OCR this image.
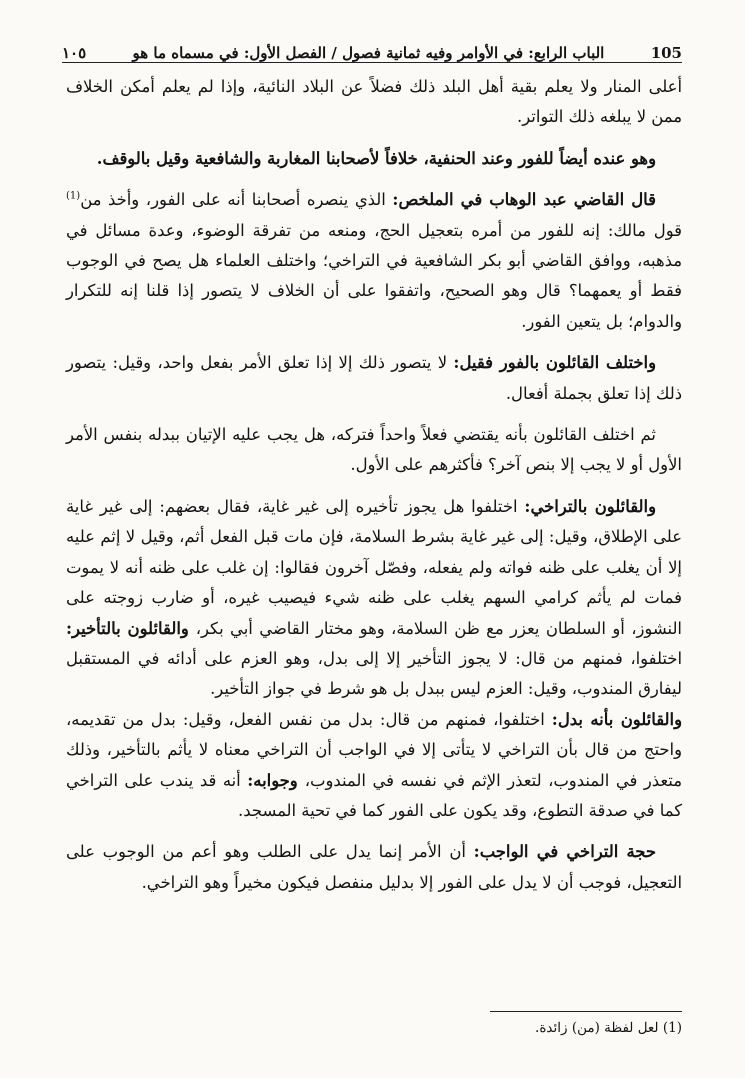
105
الباب الرابع: في الأوامر وفيه ثمانية فصول / الفصل الأول: في مسماه ما هو
١٠٥

أعلى المنار ولا يعلم بقية أهل البلد ذلك فضلاً عن البلاد النائية، وإذا لم يعلم أمكن الخلاف ممن لا يبلغه ذلك التواتر.

وهو عنده أيضاً للفور وعند الحنفية، خلافاً لأصحابنا المغاربة والشافعية وقيل بالوقف.

قال القاضي عبد الوهاب في الملخص: الذي ينصره أصحابنا أنه على الفور، وأخذ من$^{(1)}$ قول مالك: إنه للفور من أمره بتعجيل الحج، ومنعه من تفرقة الوضوء، وعدة مسائل في مذهبه، ووافق القاضي أبو بكر الشافعية في التراخي؛ واختلف العلماء هل يصح في الوجوب فقط أو يعمهما؟ قال وهو الصحيح، واتفقوا على أن الخلاف لا يتصور إذا قلنا إنه للتكرار والدوام؛ بل يتعين الفور.

واختلف القائلون بالفور فقيل: لا يتصور ذلك إلا إذا تعلق الأمر بفعل واحد، وقيل: يتصور ذلك إذا تعلق بجملة أفعال.

ثم اختلف القائلون بأنه يقتضي فعلاً واحداً فتركه، هل يجب عليه الإتيان ببدله بنفس الأمر الأول أو لا يجب إلا بنص آخر؟ فأكثرهم على الأول.

والقائلون بالتراخي: اختلفوا هل يجوز تأخيره إلى غير غاية، فقال بعضهم: إلى غير غاية على الإطلاق، وقيل: إلى غير غاية بشرط السلامة، فإن مات قبل الفعل أثم، وقيل لا إثم عليه إلا أن يغلب على ظنه فواته ولم يفعله، وفصّل آخرون فقالوا: إن غلب على ظنه أنه لا يموت فمات لم يأثم كرامي السهم يغلب على ظنه شيء فيصيب غيره، أو ضارب زوجته على النشوز، أو السلطان يعزر مع ظن السلامة، وهو مختار القاضي أبي بكر، والقائلون بالتأخير: اختلفوا، فمنهم من قال: لا يجوز التأخير إلا إلى بدل، وهو العزم على أدائه في المستقبل ليفارق المندوب، وقيل: العزم ليس ببدل بل هو شرط في جواز التأخير.
والقائلون بأنه بدل: اختلفوا، فمنهم من قال: بدل من نفس الفعل، وقيل: بدل من تقديمه، واحتج من قال بأن التراخي لا يتأتى إلا في الواجب أن التراخي معناه لا يأثم بالتأخير، وذلك متعذر في المندوب، لتعذر الإثم في نفسه في المندوب، وجوابه: أنه قد يندب على التراخي كما في صدقة التطوع، وقد يكون على الفور كما في تحية المسجد.

حجة التراخي في الواجب: أن الأمر إنما يدل على الطلب وهو أعم من الوجوب على التعجيل، فوجب أن لا يدل على الفور إلا بدليل منفصل فيكون مخيراً وهو التراخي.

(1) لعل لفظة (من) زائدة.
